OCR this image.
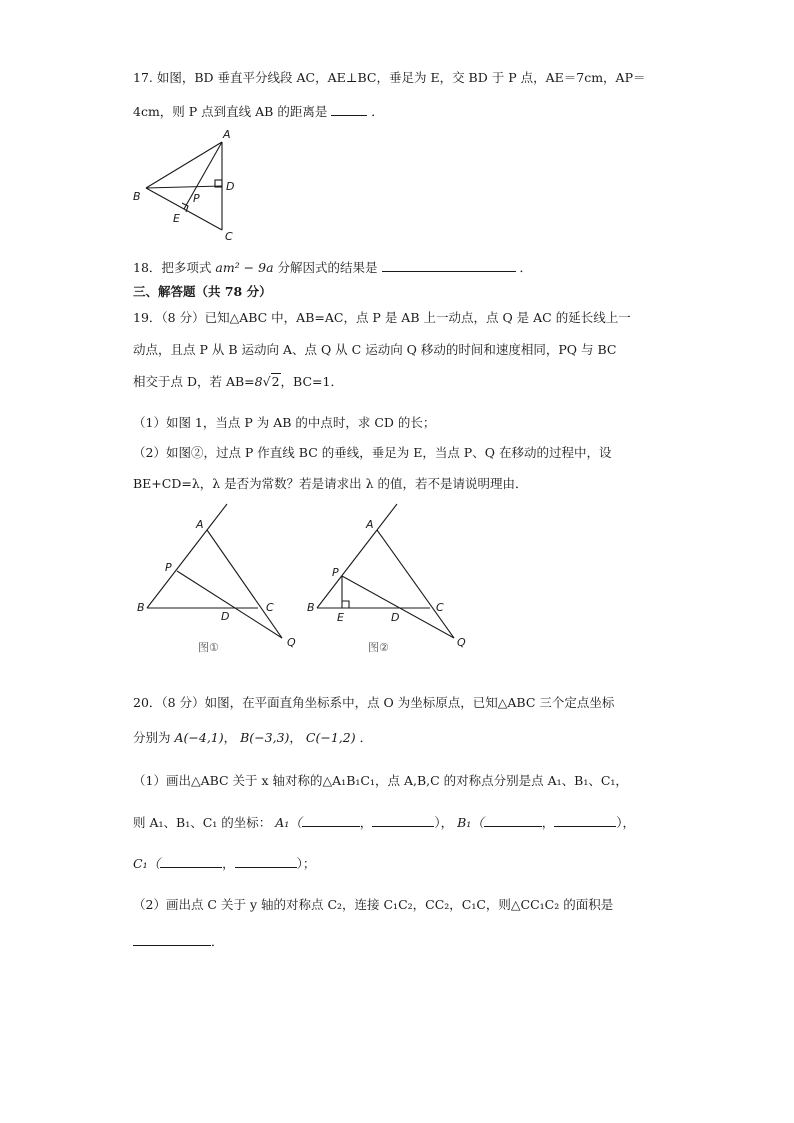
17. 如图，BD 垂直平分线段 AC，AE⊥BC，垂足为 E，交 BD 于 P 点，AE＝7cm，AP＝
4cm，则 P 点到直线 AB 的距离是	．
A
B
C
D
E
P
18．把多项式 am² − 9a 分解因式的结果是	．
三、解答题（共 78 分）
19．（8 分）已知△ABC 中，AB=AC，点 P 是 AB 上一动点，点 Q 是 AC 的延长线上一
动点，且点 P 从 B 运动向 A、点 Q 从 C 运动向 Q 移动的时间和速度相同，PQ 与 BC
相交于点 D，若 AB=8√2，BC=1．
（1）如图 1，当点 P 为 AB 的中点时，求 CD 的长；
（2）如图②，过点 P 作直线 BC 的垂线，垂足为 E，当点 P、Q 在移动的过程中，设
BE+CD=λ，λ 是否为常数？若是请求出 λ 的值，若不是请说明理由．
A
P
B
D
C
Q
图①
A
P
B
E	D
C
Q
图②
20．（8 分）如图，在平面直角坐标系中，点 O 为坐标原点，已知△ABC 三个定点坐标
分别为 A(−4,1)， B(−3,3)， C(−1,2) ．
（1）画出△ABC 关于 x 轴对称的△A₁B₁C₁，点 A,B,C 的对称点分别是点 A₁、B₁、C₁，
则 A₁、B₁、C₁ 的坐标： A₁（	，	）， B₁（	，	），
C₁（	，	）；
（2）画出点 C 关于 y 轴的对称点 C₂，连接 C₁C₂，CC₂，C₁C，则△CC₁C₂ 的面积是
．
